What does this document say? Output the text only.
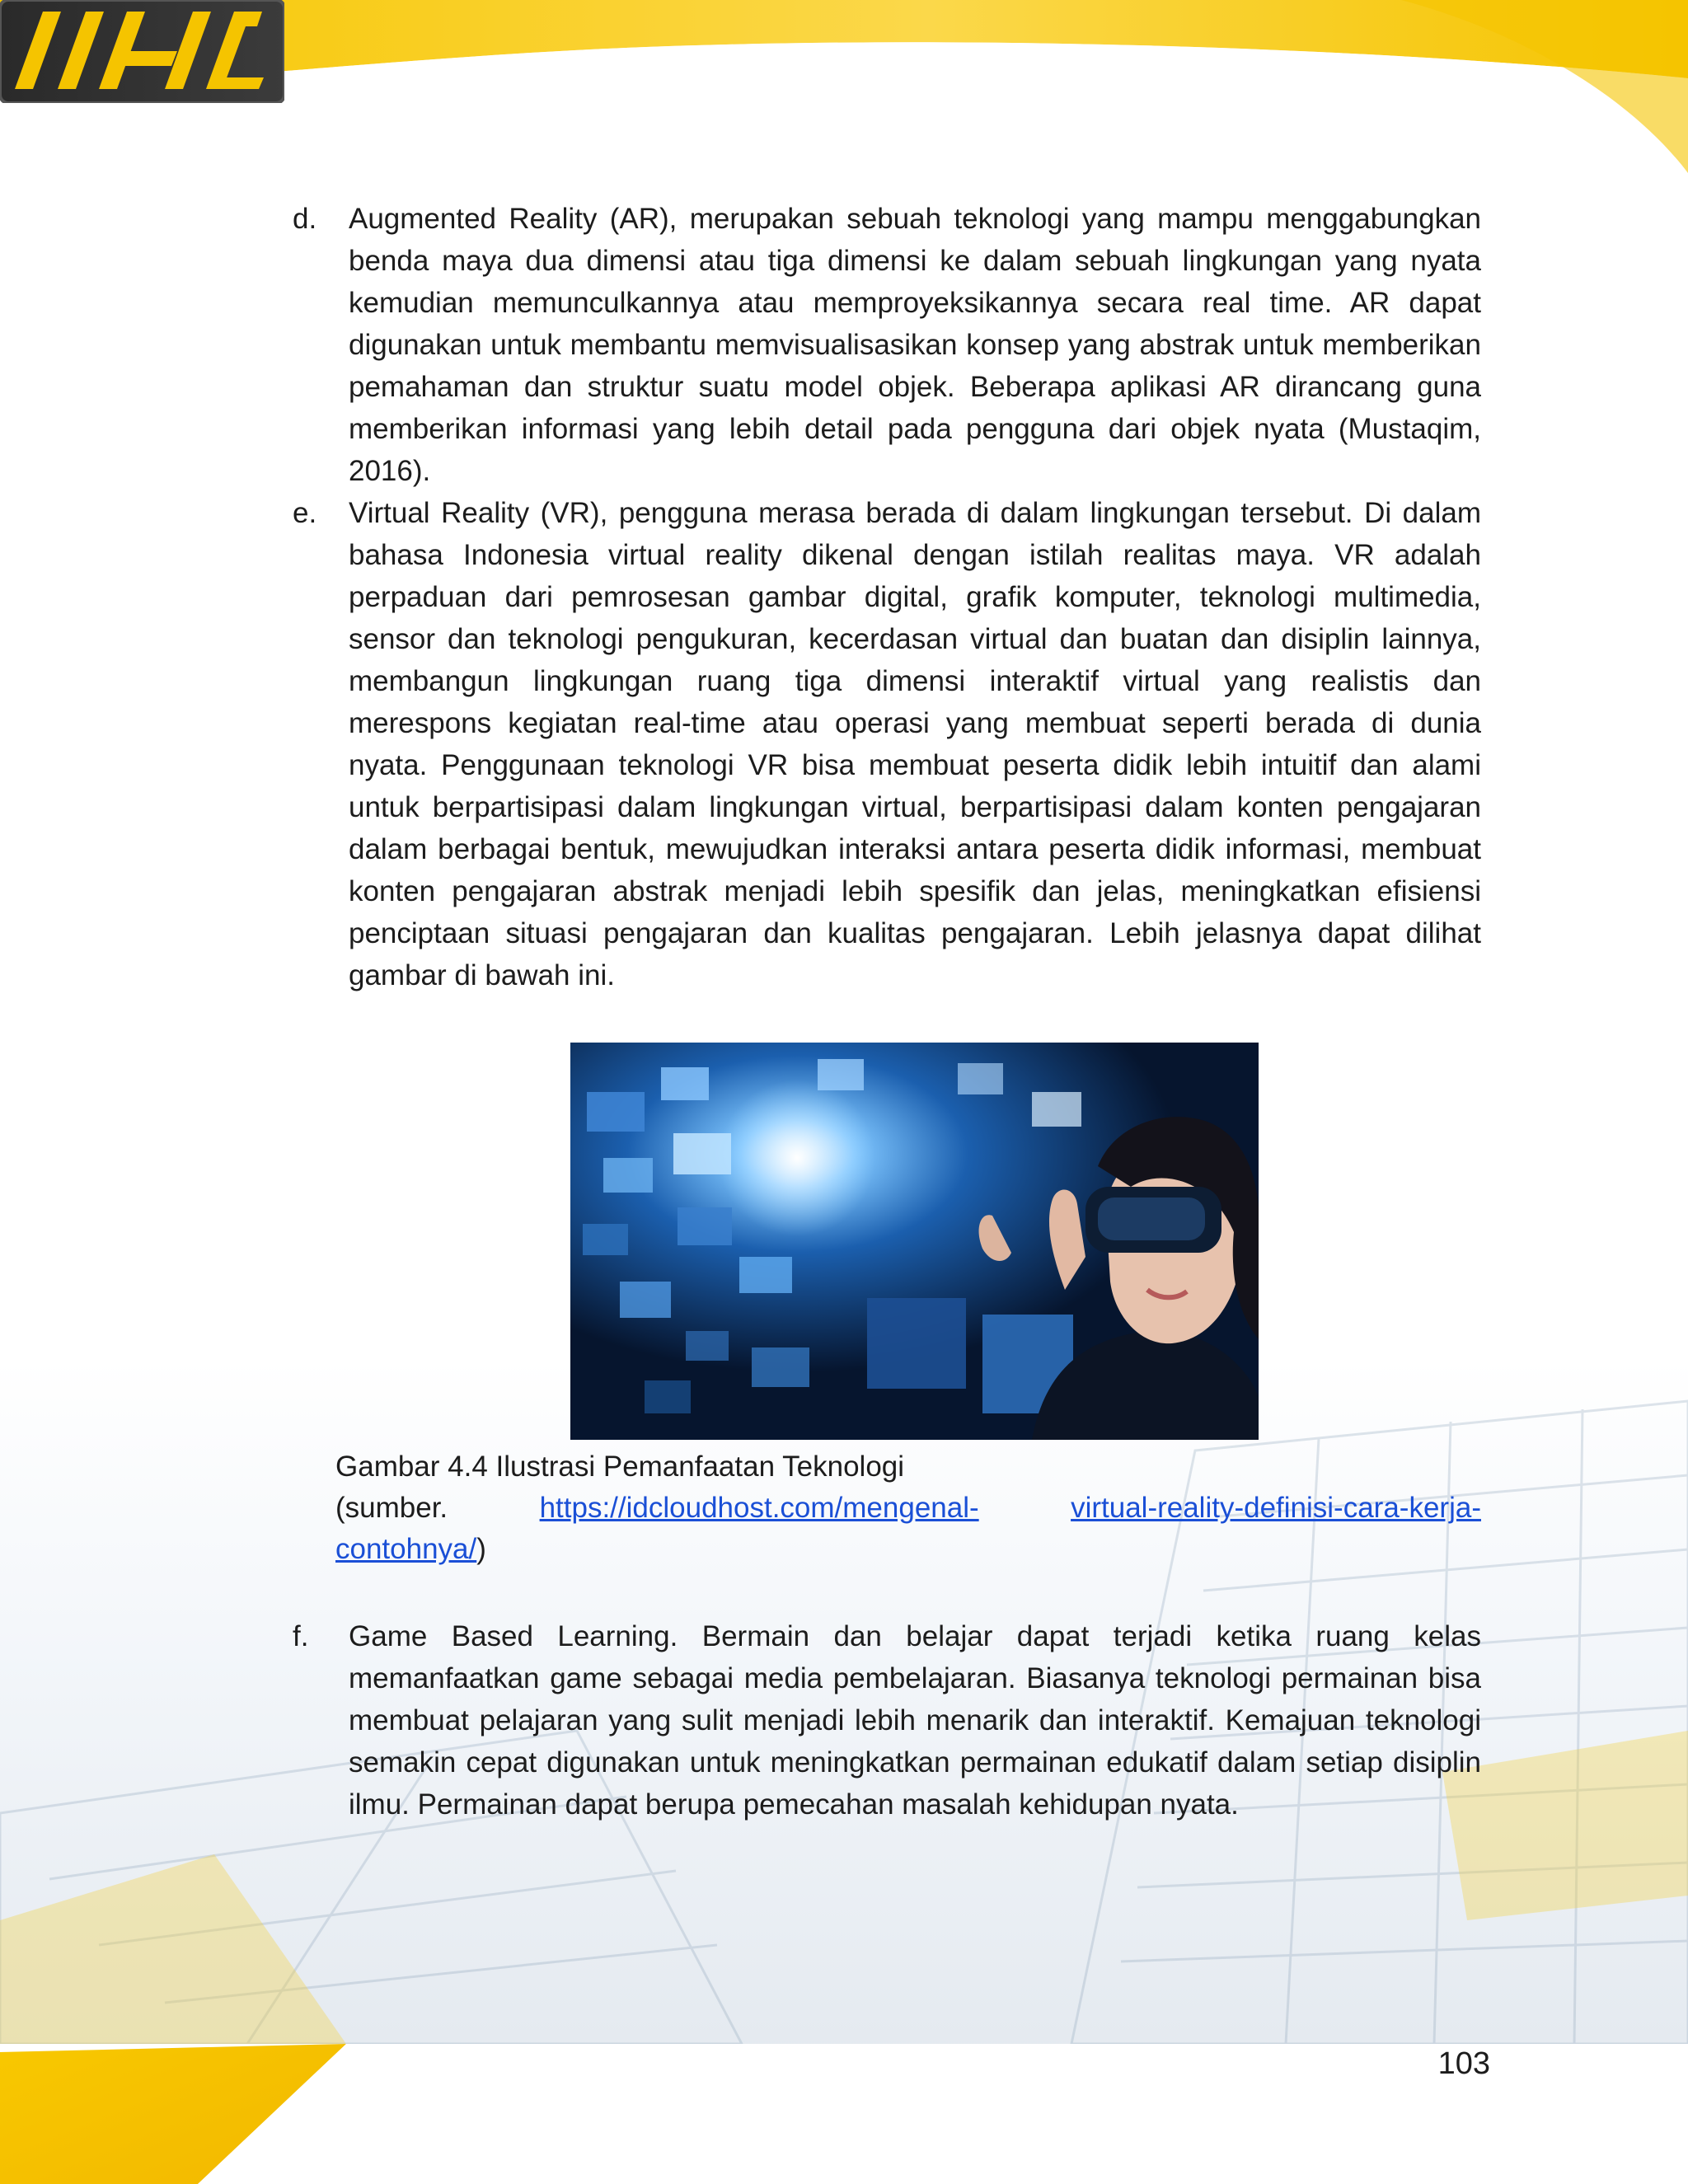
d. Augmented Reality (AR), merupakan sebuah teknologi yang mampu menggabungkan benda maya dua dimensi atau tiga dimensi ke dalam sebuah lingkungan yang nyata kemudian memunculkannya atau memproyeksikannya secara real time. AR dapat digunakan untuk membantu memvisualisasikan konsep yang abstrak untuk memberikan pemahaman dan struktur suatu model objek. Beberapa aplikasi AR dirancang guna memberikan informasi yang lebih detail pada pengguna dari objek nyata (Mustaqim, 2016).
e. Virtual Reality (VR), pengguna merasa berada di dalam lingkungan tersebut. Di dalam bahasa Indonesia virtual reality dikenal dengan istilah realitas maya. VR adalah perpaduan dari pemrosesan gambar digital, grafik komputer, teknologi multimedia, sensor dan teknologi pengukuran, kecerdasan virtual dan buatan dan disiplin lainnya, membangun lingkungan ruang tiga dimensi interaktif virtual yang realistis dan merespons kegiatan real-time atau operasi yang membuat seperti berada di dunia nyata. Penggunaan teknologi VR bisa membuat peserta didik lebih intuitif dan alami untuk berpartisipasi dalam lingkungan virtual, berpartisipasi dalam konten pengajaran dalam berbagai bentuk, mewujudkan interaksi antara peserta didik informasi, membuat konten pengajaran abstrak menjadi lebih spesifik dan jelas, meningkatkan efisiensi penciptaan situasi pengajaran dan kualitas pengajaran. Lebih jelasnya dapat dilihat gambar di bawah ini.
Gambar 4.4 Ilustrasi Pemanfaatan Teknologi
(sumber.	https://idcloudhost.com/mengenal-	virtual-reality-definisi-cara-kerja-
contohnya/)
f. Game Based Learning. Bermain dan belajar dapat terjadi ketika ruang kelas memanfaatkan game sebagai media pembelajaran. Biasanya teknologi permainan bisa membuat pelajaran yang sulit menjadi lebih menarik dan interaktif. Kemajuan teknologi semakin cepat digunakan untuk meningkatkan permainan edukatif dalam setiap disiplin ilmu. Permainan dapat berupa pemecahan masalah kehidupan nyata.
103
